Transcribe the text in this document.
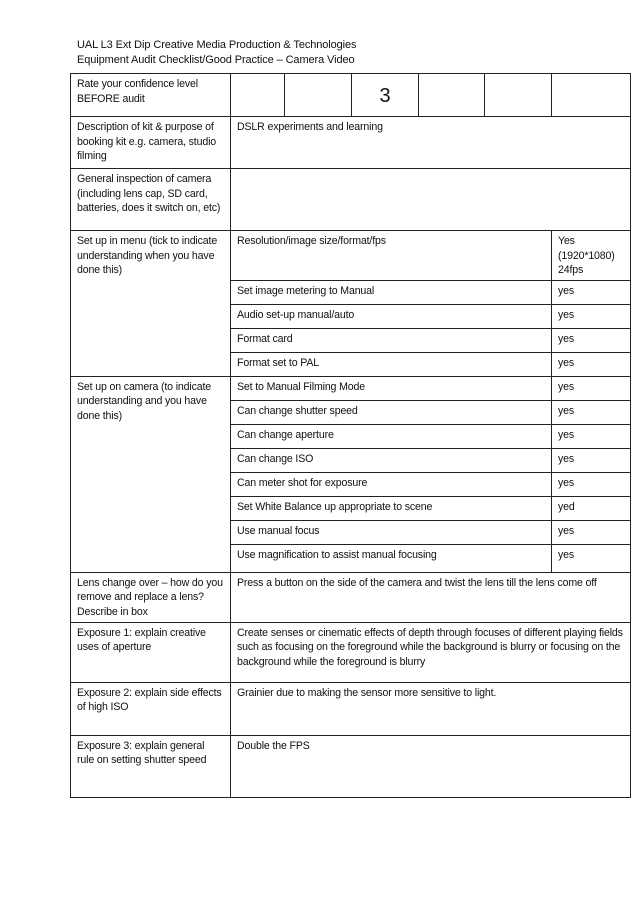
UAL L3 Ext Dip Creative Media Production & Technologies
Equipment Audit Checklist/Good Practice – Camera Video
Rate your confidence level BEFORE audit			3			
Description of kit & purpose of booking kit e.g. camera, studio filming	DSLR experiments and learning					
General inspection of camera (including lens cap, SD card, batteries, does it switch on, etc)						
Set up in menu (tick to indicate understanding when you have done this)	Resolution/image size/format/fps					Yes (1920*1080) 24fps
	Set image metering to Manual					yes
	Audio set-up manual/auto					yes
	Format card					yes
	Format set to PAL					yes
Set up on camera (to indicate understanding and you have done this)	Set to Manual Filming Mode					yes
	Can change shutter speed					yes
	Can change aperture					yes
	Can change ISO					yes
	Can meter shot for exposure					yes
	Set White Balance up appropriate to scene					yed
	Use manual focus					yes
	Use magnification to assist manual focusing					yes
Lens change over – how do you remove and replace a lens? Describe in box	Press a button on the side of the camera and twist the lens till the lens come off					
Exposure 1: explain creative uses of aperture	Create senses or cinematic effects of depth through focuses of different playing fields such as focusing on the foreground while the background is blurry or focusing on the background while the foreground is blurry					
Exposure 2: explain side effects of high ISO	Grainier due to making the sensor more sensitive to light.					
Exposure 3: explain general rule on setting shutter speed	Double the FPS					
